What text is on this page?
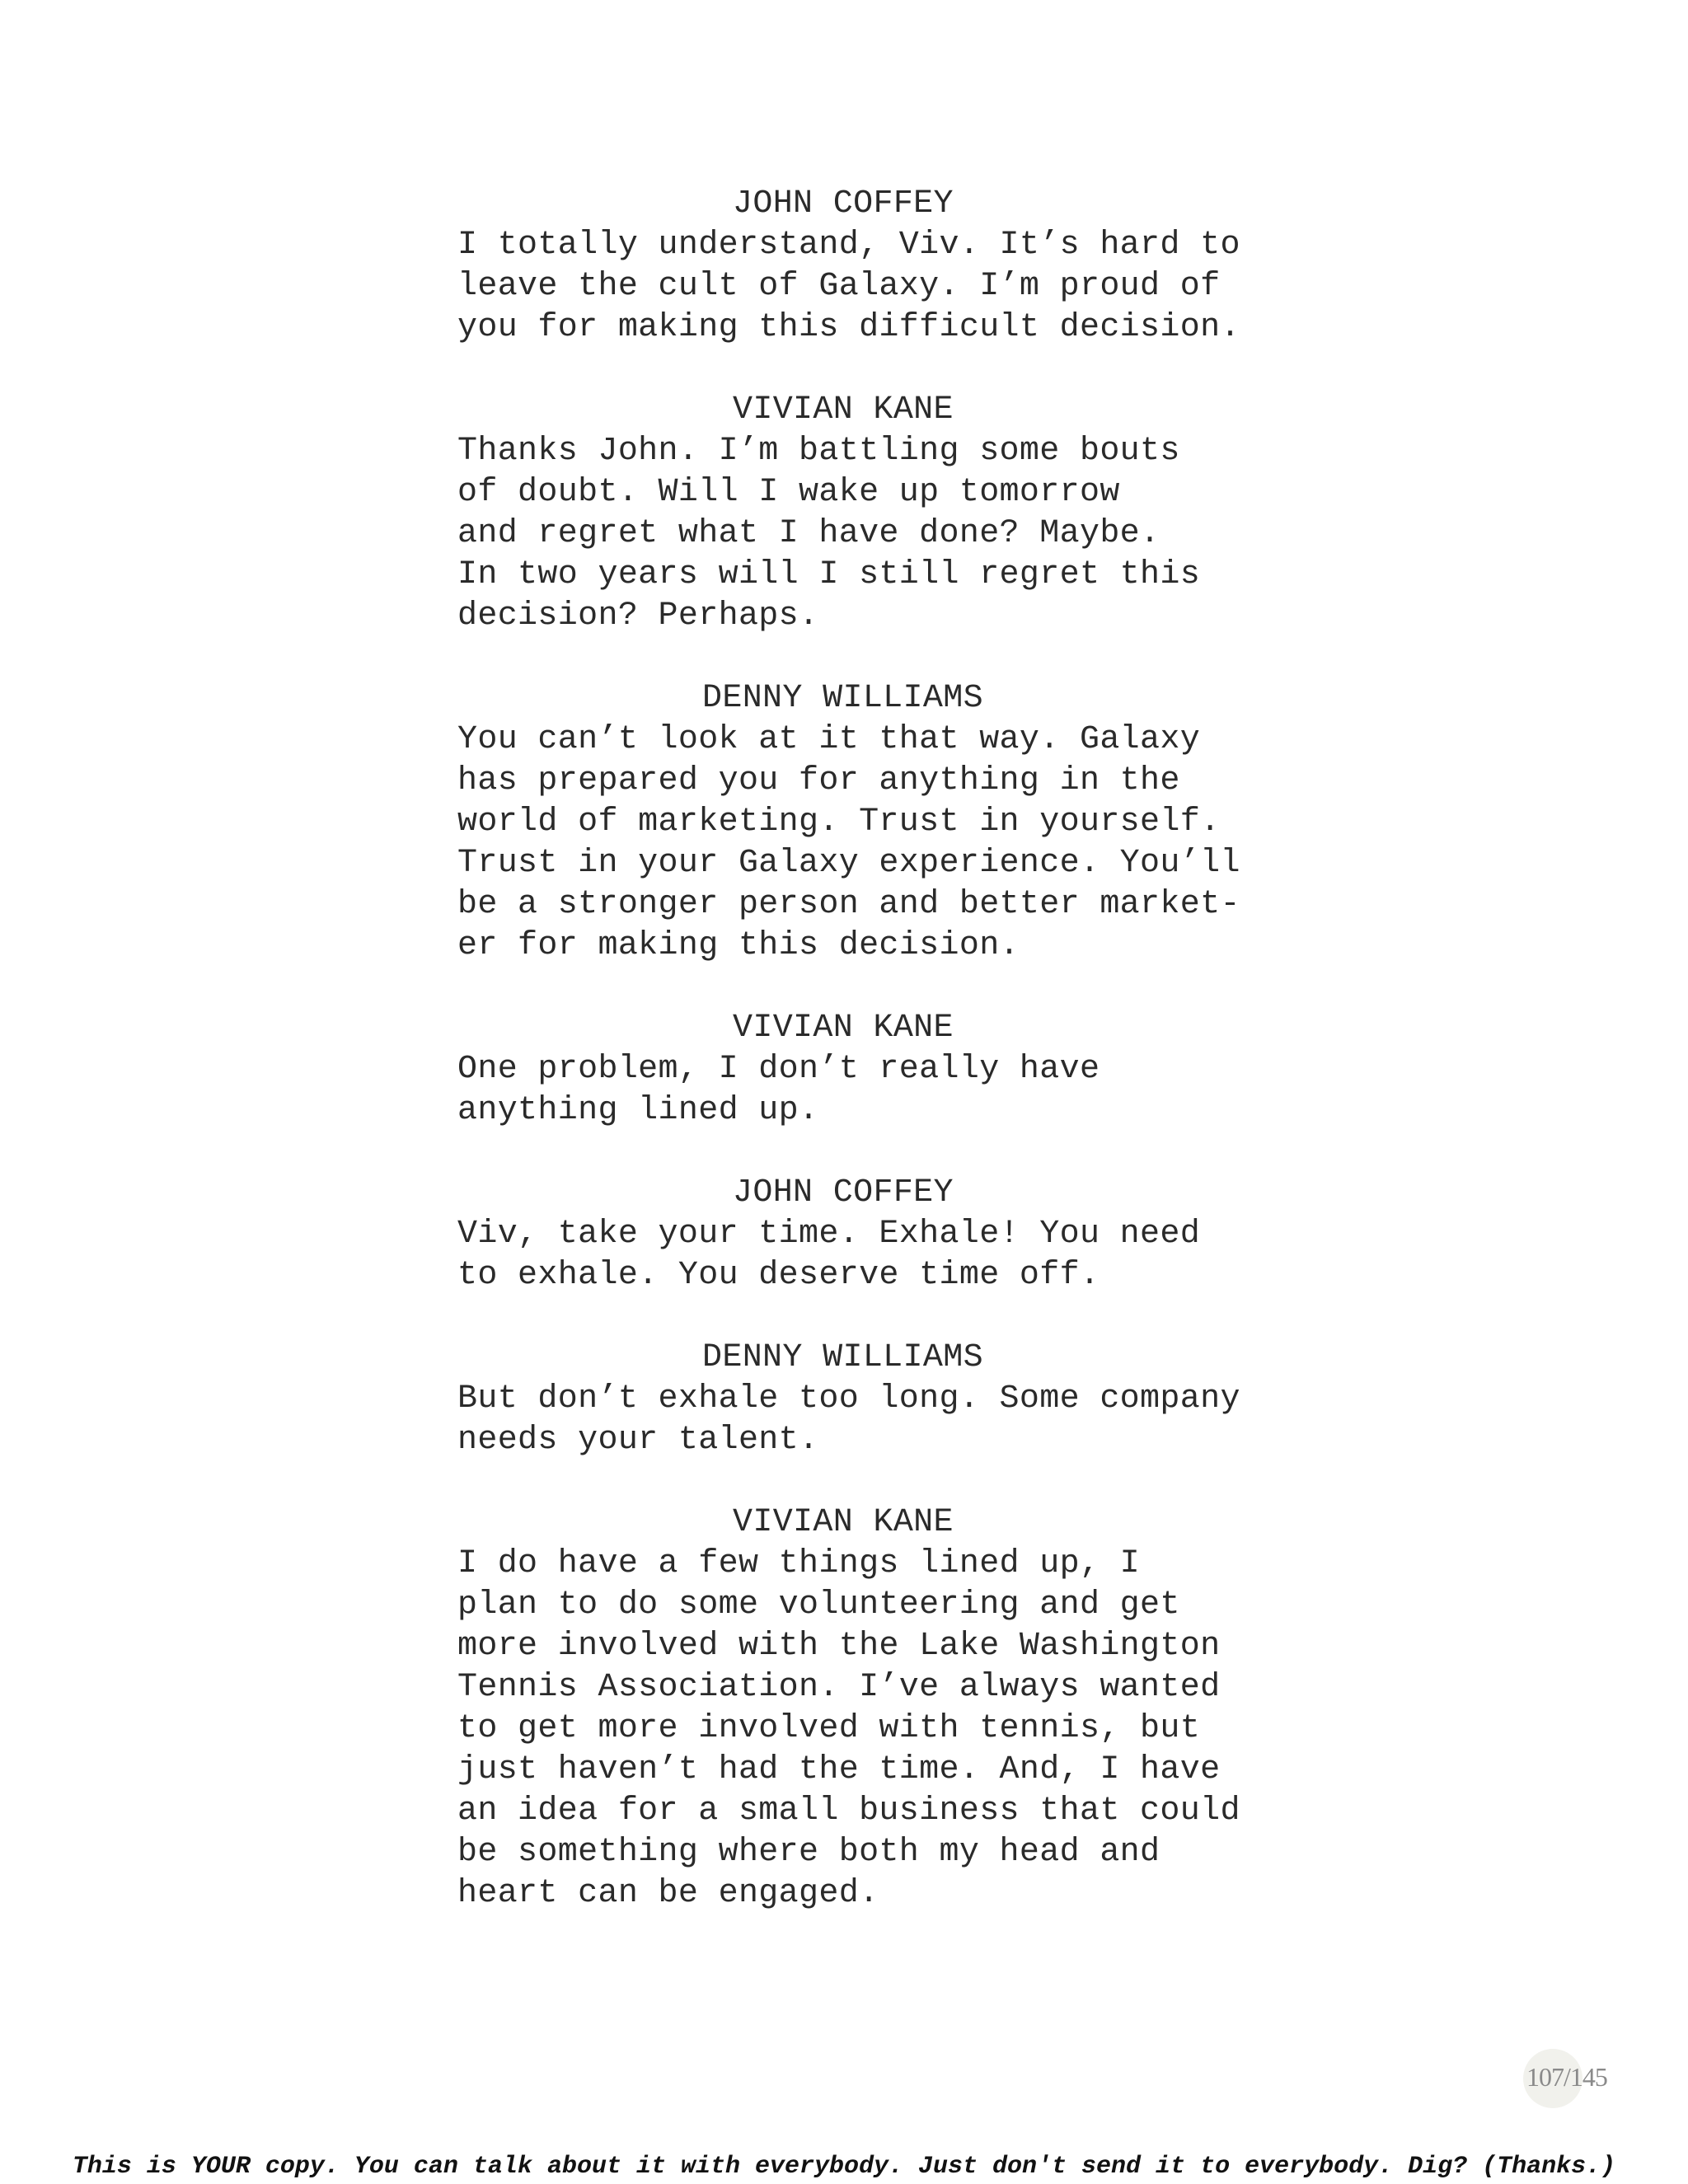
JOHN COFFEY
I totally understand, Viv. It’s hard to
leave the cult of Galaxy. I’m proud of
you for making this difficult decision.
VIVIAN KANE
Thanks John. I’m battling some bouts
of doubt. Will I wake up tomorrow
and regret what I have done? Maybe.
In two years will I still regret this
decision? Perhaps.
DENNY WILLIAMS
You can’t look at it that way. Galaxy
has prepared you for anything in the
world of marketing. Trust in yourself.
Trust in your Galaxy experience. You’ll
be a stronger person and better market-
er for making this decision.
VIVIAN KANE
One problem, I don’t really have
anything lined up.
JOHN COFFEY
Viv, take your time. Exhale! You need
to exhale. You deserve time off.
DENNY WILLIAMS
But don’t exhale too long. Some company
needs your talent.
VIVIAN KANE
I do have a few things lined up, I
plan to do some volunteering and get
more involved with the Lake Washington
Tennis Association. I’ve always wanted
to get more involved with tennis, but
just haven’t had the time. And, I have
an idea for a small business that could
be something where both my head and
heart can be engaged.
107/145
This is YOUR copy. You can talk about it with everybody. Just don't send it to everybody. Dig? (Thanks.)
